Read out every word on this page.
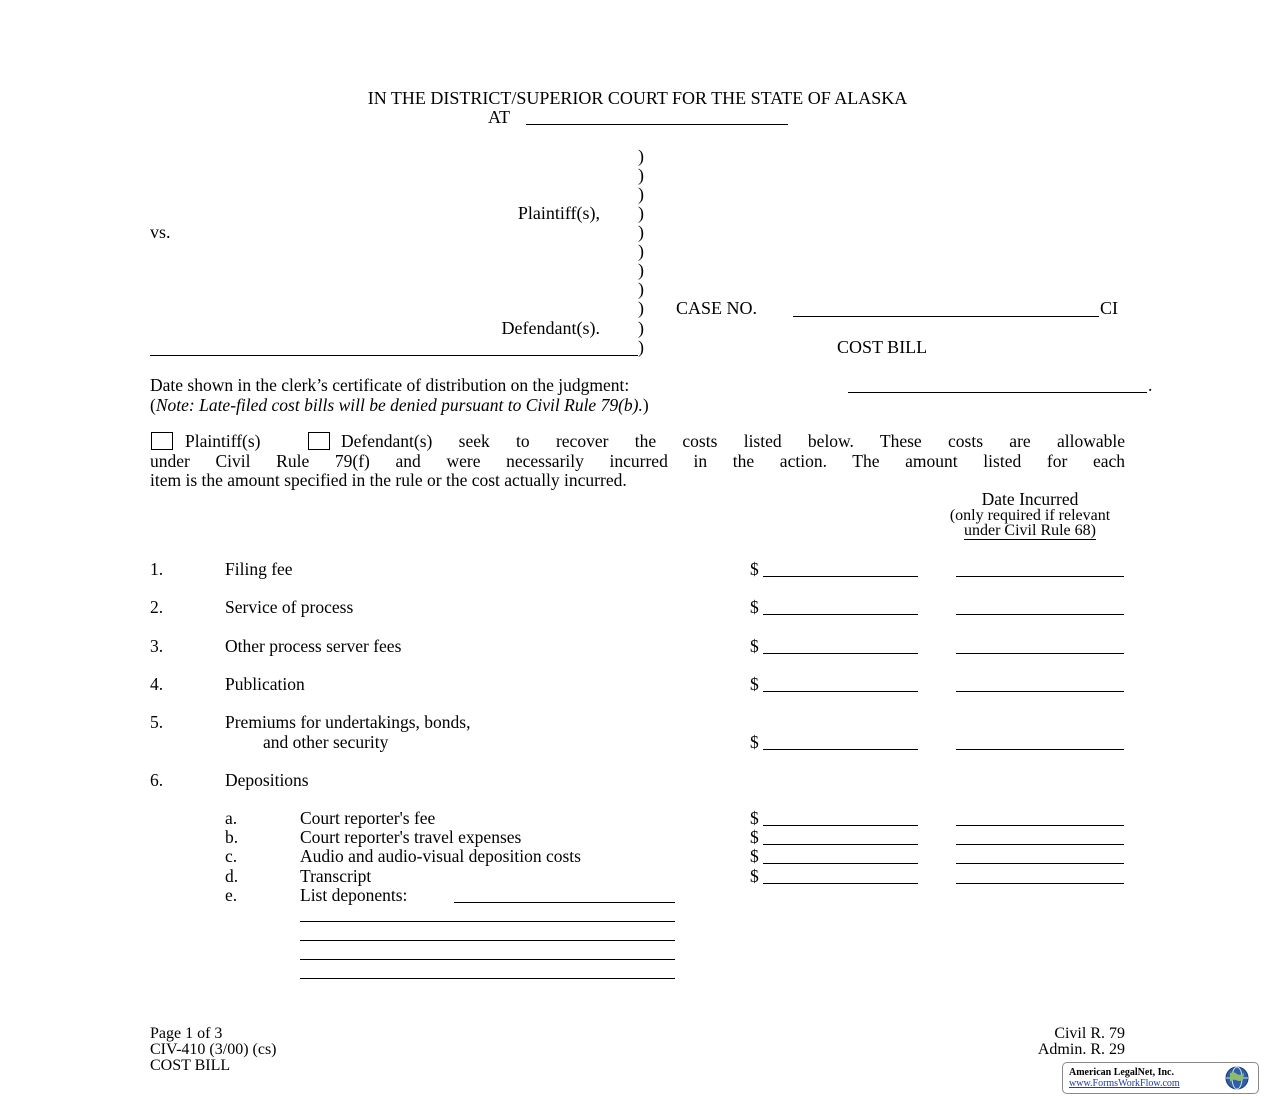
IN THE DISTRICT/SUPERIOR COURT FOR THE STATE OF ALASKA
AT
)
)
)
)
)
)
)
)
)
)
)
Plaintiff(s),
vs.
Defendant(s).
CASE NO.	CI
COST BILL
Date shown in the clerk’s certificate of distribution on the judgment:	.
(Note: Late-filed cost bills will be denied pursuant to Civil Rule 79(b).)
Plaintiff(s)	Defendant(s) seek to recover the costs listed below. These costs are allowable
under Civil Rule 79(f) and were necessarily incurred in the action. The amount listed for each
item is the amount specified in the rule or the cost actually incurred.
Date Incurred
(only required if relevant
under Civil Rule 68)
1.	Filing fee	$
2.	Service of process	$
3.	Other process server fees	$
4.	Publication	$
5.	Premiums for undertakings, bonds,
and other security	$
6.	Depositions
a.	Court reporter's fee	$
b.	Court reporter's travel expenses	$
c.	Audio and audio-visual deposition costs	$
d.	Transcript	$
e.	List deponents:
Page 1 of 3
CIV-410 (3/00) (cs)
COST BILL
Civil R. 79
Admin. R. 29
American LegalNet, Inc.
www.FormsWorkFlow.com
